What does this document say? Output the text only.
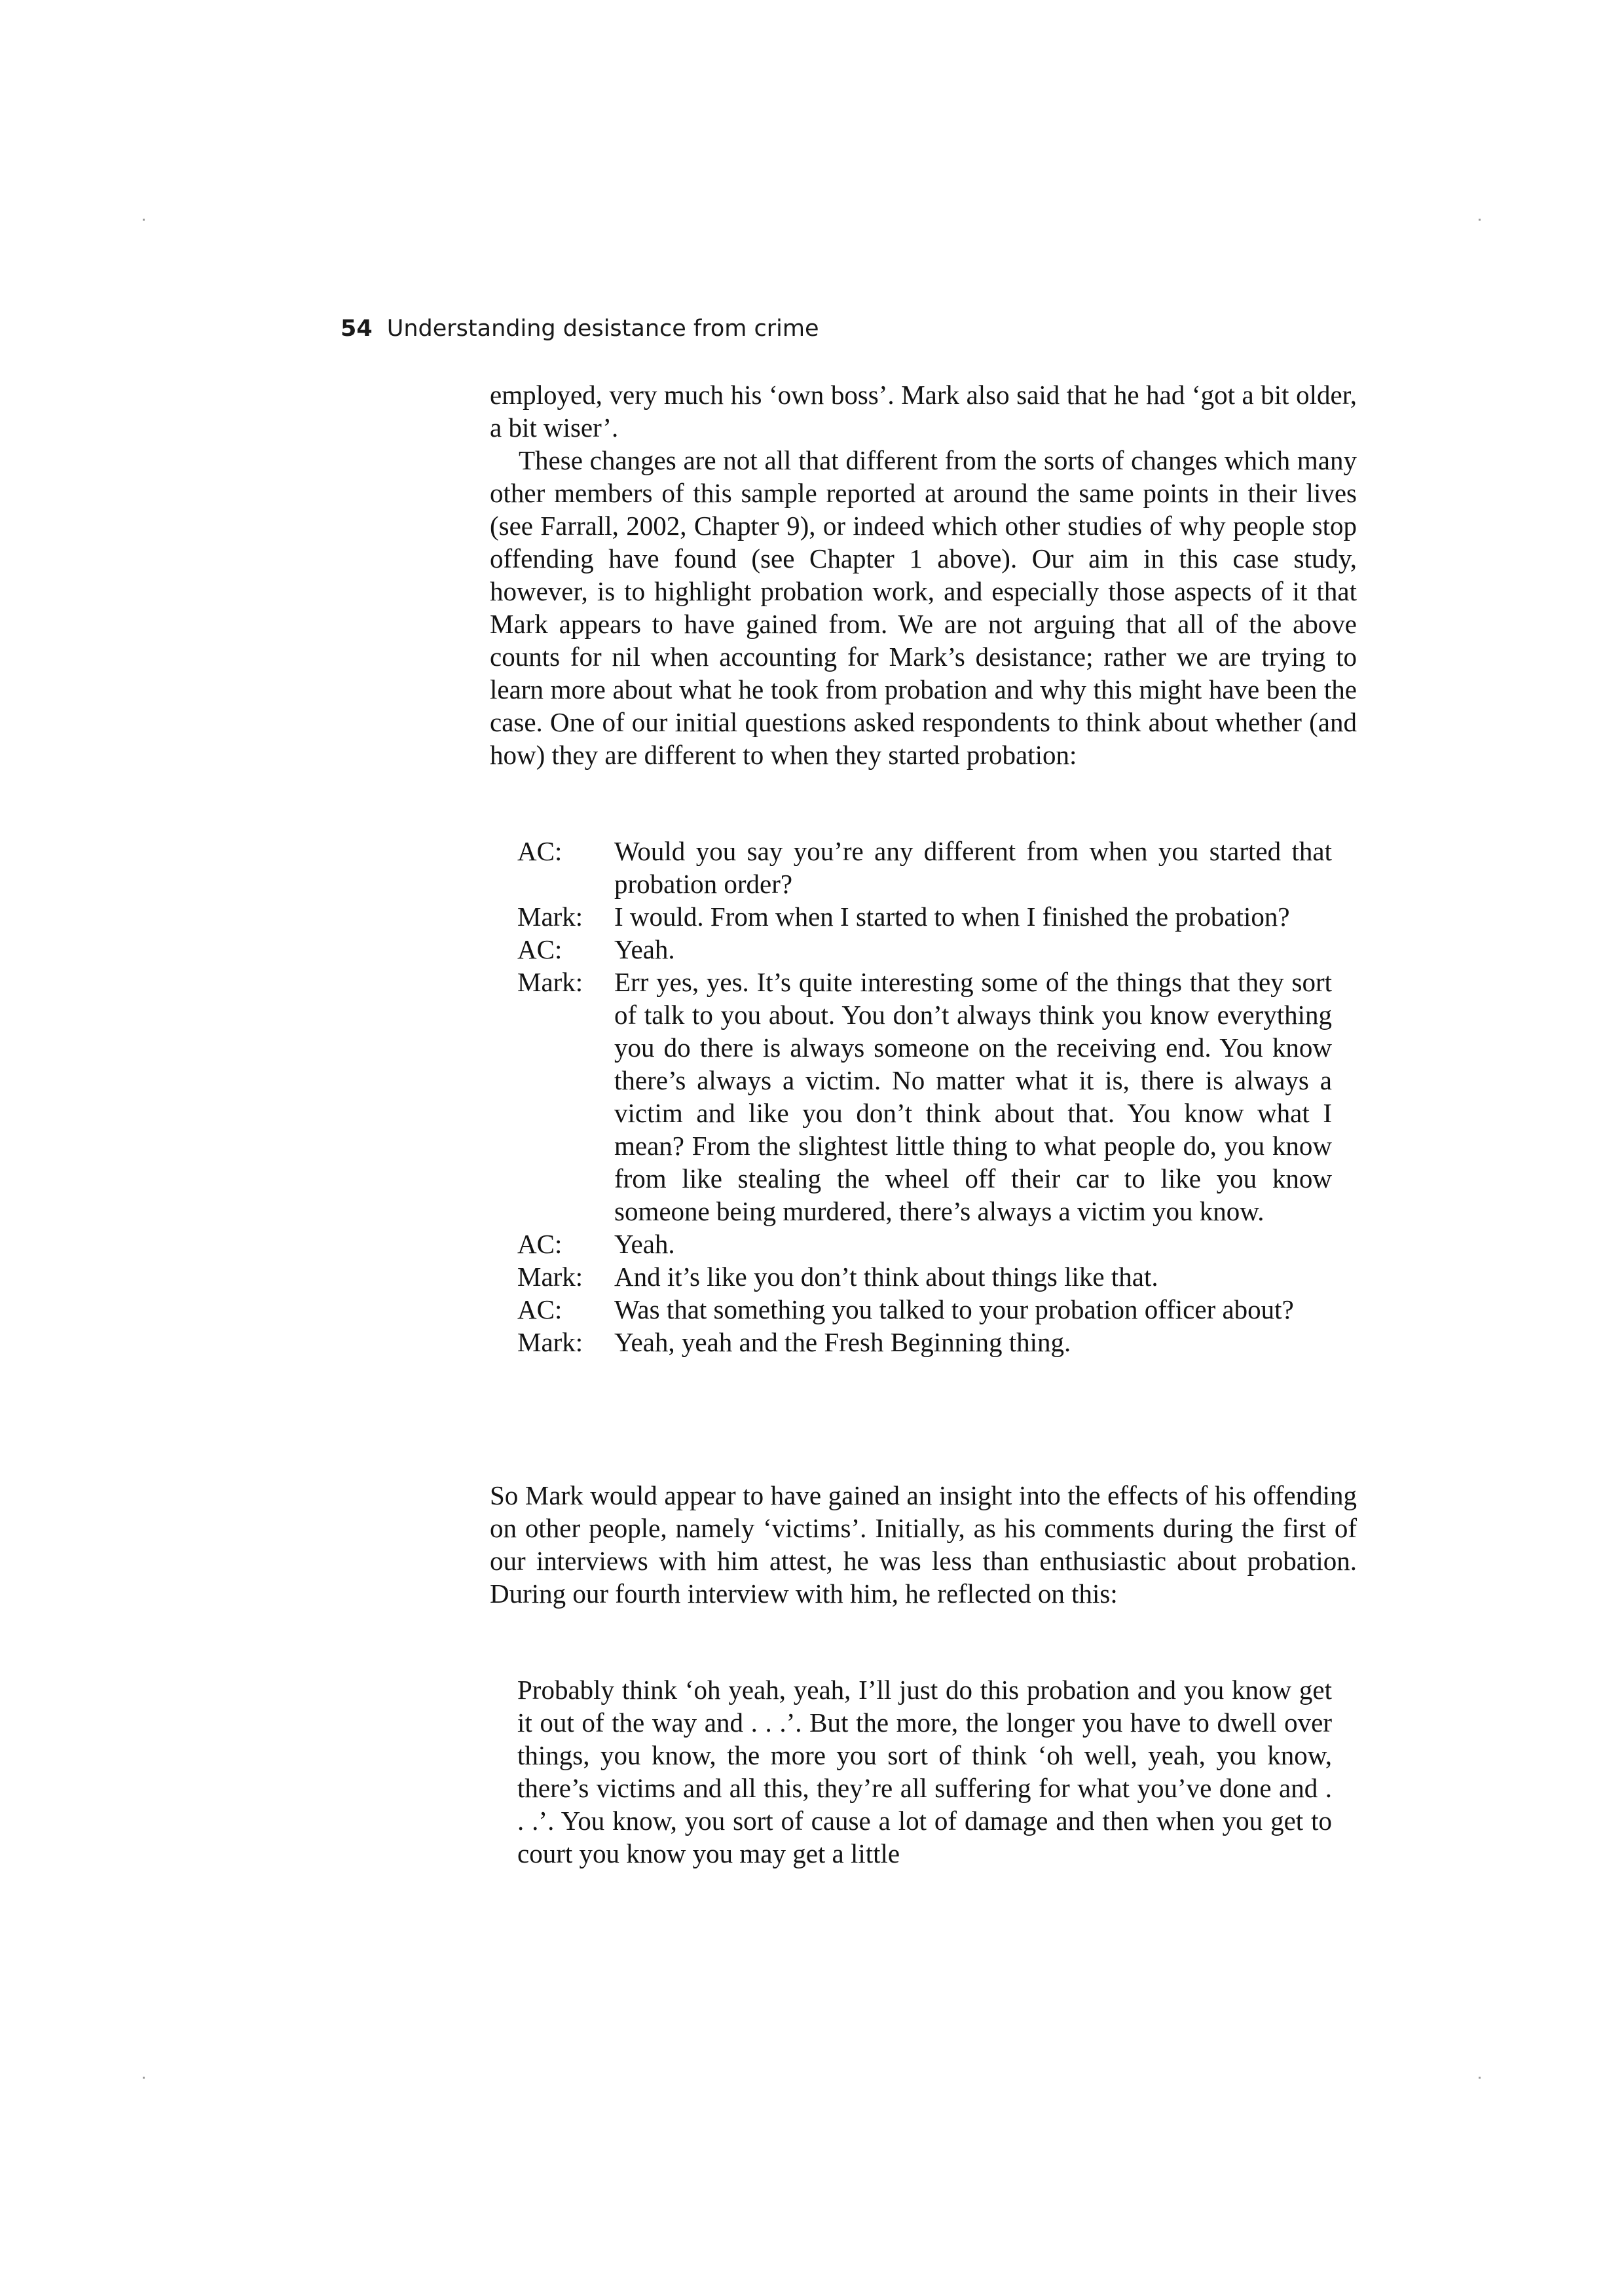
54 Understanding desistance from crime

employed, very much his ‘own boss’. Mark also said that he had ‘got a bit older, a bit wiser’.

These changes are not all that different from the sorts of changes which many other members of this sample reported at around the same points in their lives (see Farrall, 2002, Chapter 9), or indeed which other studies of why people stop offending have found (see Chapter 1 above). Our aim in this case study, however, is to highlight probation work, and especially those aspects of it that Mark appears to have gained from. We are not arguing that all of the above counts for nil when accounting for Mark’s desistance; rather we are trying to learn more about what he took from probation and why this might have been the case. One of our initial questions asked respondents to think about whether (and how) they are different to when they started probation:

AC:	Would you say you’re any different from when you started that probation order?
Mark:	I would. From when I started to when I finished the probation?
AC:	Yeah.
Mark:	Err yes, yes. It’s quite interesting some of the things that they sort of talk to you about. You don’t always think you know everything you do there is always someone on the receiving end. You know there’s always a victim. No matter what it is, there is always a victim and like you don’t think about that. You know what I mean? From the slightest little thing to what people do, you know from like stealing the wheel off their car to like you know someone being murdered, there’s always a victim you know.
AC:	Yeah.
Mark:	And it’s like you don’t think about things like that.
AC:	Was that something you talked to your probation officer about?
Mark:	Yeah, yeah and the Fresh Beginning thing.

So Mark would appear to have gained an insight into the effects of his offending on other people, namely ‘victims’. Initially, as his comments during the first of our interviews with him attest, he was less than enthusiastic about probation. During our fourth interview with him, he reflected on this:

Probably think ‘oh yeah, yeah, I’ll just do this probation and you know get it out of the way and . . .’. But the more, the longer you have to dwell over things, you know, the more you sort of think ‘oh well, yeah, you know, there’s victims and all this, they’re all suffering for what you’ve done and . . .’. You know, you sort of cause a lot of damage and then when you get to court you know you may get a little
